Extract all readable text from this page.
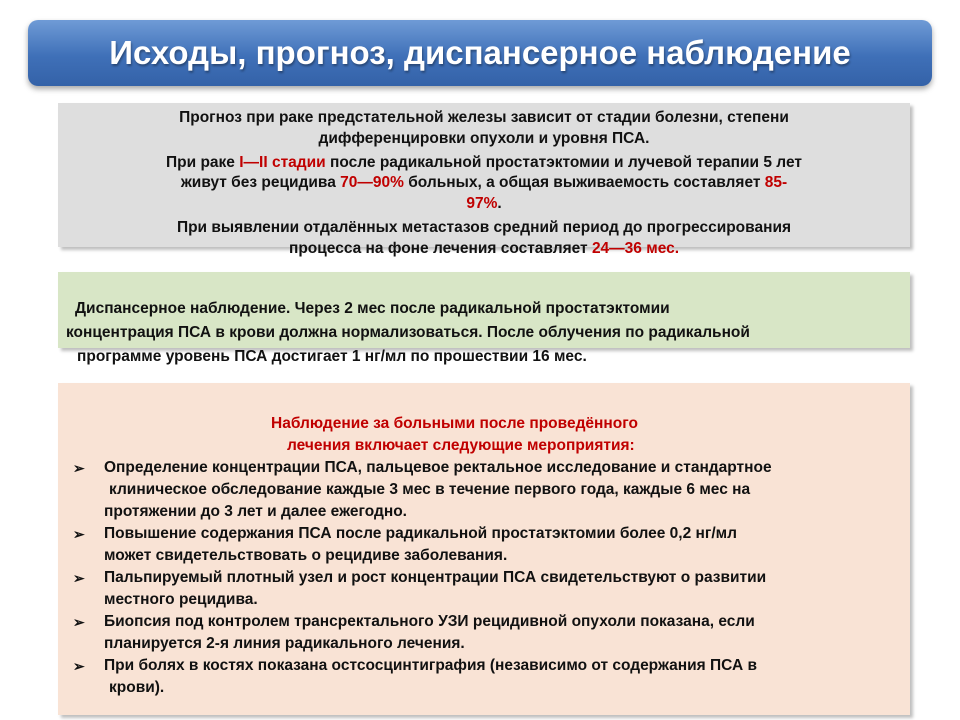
Исходы, прогноз, диспансерное наблюдение
Прогноз при раке предстательной железы зависит от стадии болезни, степени
дифференцировки опухоли и уровня ПСА.
При раке I—II стадии после радикальной простатэктомии и лучевой терапии 5 лет
живут без рецидива 70—90% больных, а общая выживаемость составляет 85-
97%.
При выявлении отдалённых метастазов средний период до прогрессирования
процесса на фоне лечения составляет 24—36 мес.
Диспансерное наблюдение. Через 2 мес после радикальной простатэктомии
концентрация ПСА в крови должна нормализоваться. После облучения по радикальной
программе уровень ПСА достигает 1 нг/мл по прошествии 16 мес.
Наблюдение за больными после проведённого
лечения включает следующие мероприятия:
➢ Определение концентрации ПСА, пальцевое ректальное исследование и стандартное
клиническое обследование каждые 3 мес в течение первого года, каждые 6 мес на
протяжении до 3 лет и далее ежегодно.
➢ Повышение содержания ПСА после радикальной простатэктомии более 0,2 нг/мл
может свидетельствовать о рецидиве заболевания.
➢ Пальпируемый плотный узел и рост концентрации ПСА свидетельствуют о развитии
местного рецидива.
➢ Биопсия под контролем трансректального УЗИ рецидивной опухоли показана, если
планируется 2-я линия радикального лечения.
➢ При болях в костях показана остсосцинтиграфия (независимо от содержания ПСА в
крови).
